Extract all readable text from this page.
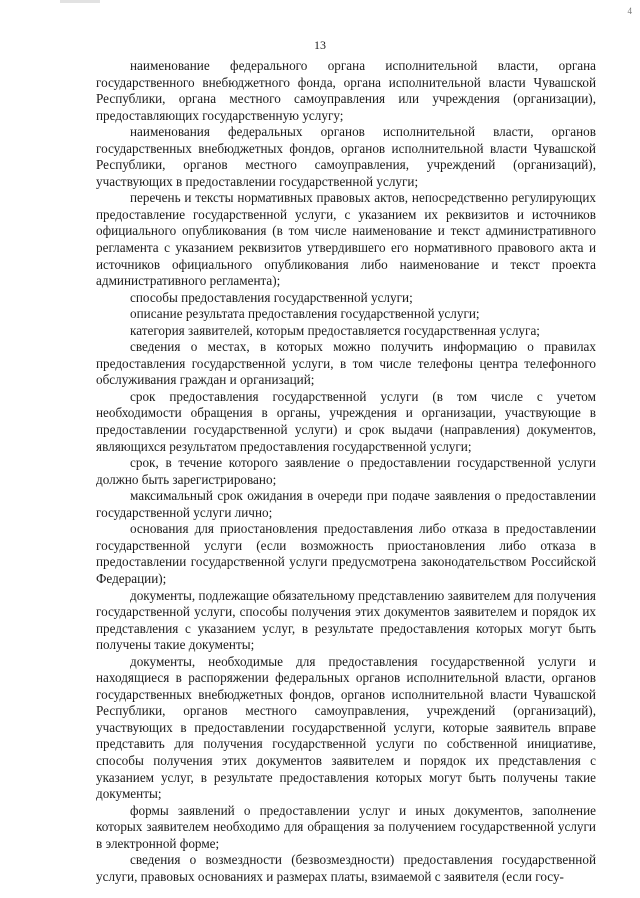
4
13

наименование федерального органа исполнительной власти, органа государственного внебюджетного фонда, органа исполнительной власти Чувашской Республики, органа местного самоуправления или учреждения (организации), предоставляющих государственную услугу;

наименования федеральных органов исполнительной власти, органов государственных внебюджетных фондов, органов исполнительной власти Чувашской Республики, органов местного самоуправления, учреждений (организаций), участвующих в предоставлении государственной услуги;

перечень и тексты нормативных правовых актов, непосредственно регулирующих предоставление государственной услуги, с указанием их реквизитов и источников официального опубликования (в том числе наименование и текст административного регламента с указанием реквизитов утвердившего его нормативного правового акта и источников официального опубликования либо наименование и текст проекта административного регламента);

способы предоставления государственной услуги;

описание результата предоставления государственной услуги;

категория заявителей, которым предоставляется государственная услуга;

сведения о местах, в которых можно получить информацию о правилах предоставления государственной услуги, в том числе телефоны центра телефонного обслуживания граждан и организаций;

срок предоставления государственной услуги (в том числе с учетом необходимости обращения в органы, учреждения и организации, участвующие в предоставлении государственной услуги) и срок выдачи (направления) документов, являющихся результатом предоставления государственной услуги;

срок, в течение которого заявление о предоставлении государственной услуги должно быть зарегистрировано;

максимальный срок ожидания в очереди при подаче заявления о предоставлении государственной услуги лично;

основания для приостановления предоставления либо отказа в предоставлении государственной услуги (если возможность приостановления либо отказа в предоставлении государственной услуги предусмотрена законодательством Российской Федерации);

документы, подлежащие обязательному представлению заявителем для получения государственной услуги, способы получения этих документов заявителем и порядок их представления с указанием услуг, в результате предоставления которых могут быть получены такие документы;

документы, необходимые для предоставления государственной услуги и находящиеся в распоряжении федеральных органов исполнительной власти, органов государственных внебюджетных фондов, органов исполнительной власти Чувашской Республики, органов местного самоуправления, учреждений (организаций), участвующих в предоставлении государственной услуги, которые заявитель вправе представить для получения государственной услуги по собственной инициативе, способы получения этих документов заявителем и порядок их представления с указанием услуг, в результате предоставления которых могут быть получены такие документы;

формы заявлений о предоставлении услуг и иных документов, заполнение которых заявителем необходимо для обращения за получением государственной услуги в электронной форме;

сведения о возмездности (безвозмездности) предоставления государственной услуги, правовых основаниях и размерах платы, взимаемой с заявителя (если госу-
